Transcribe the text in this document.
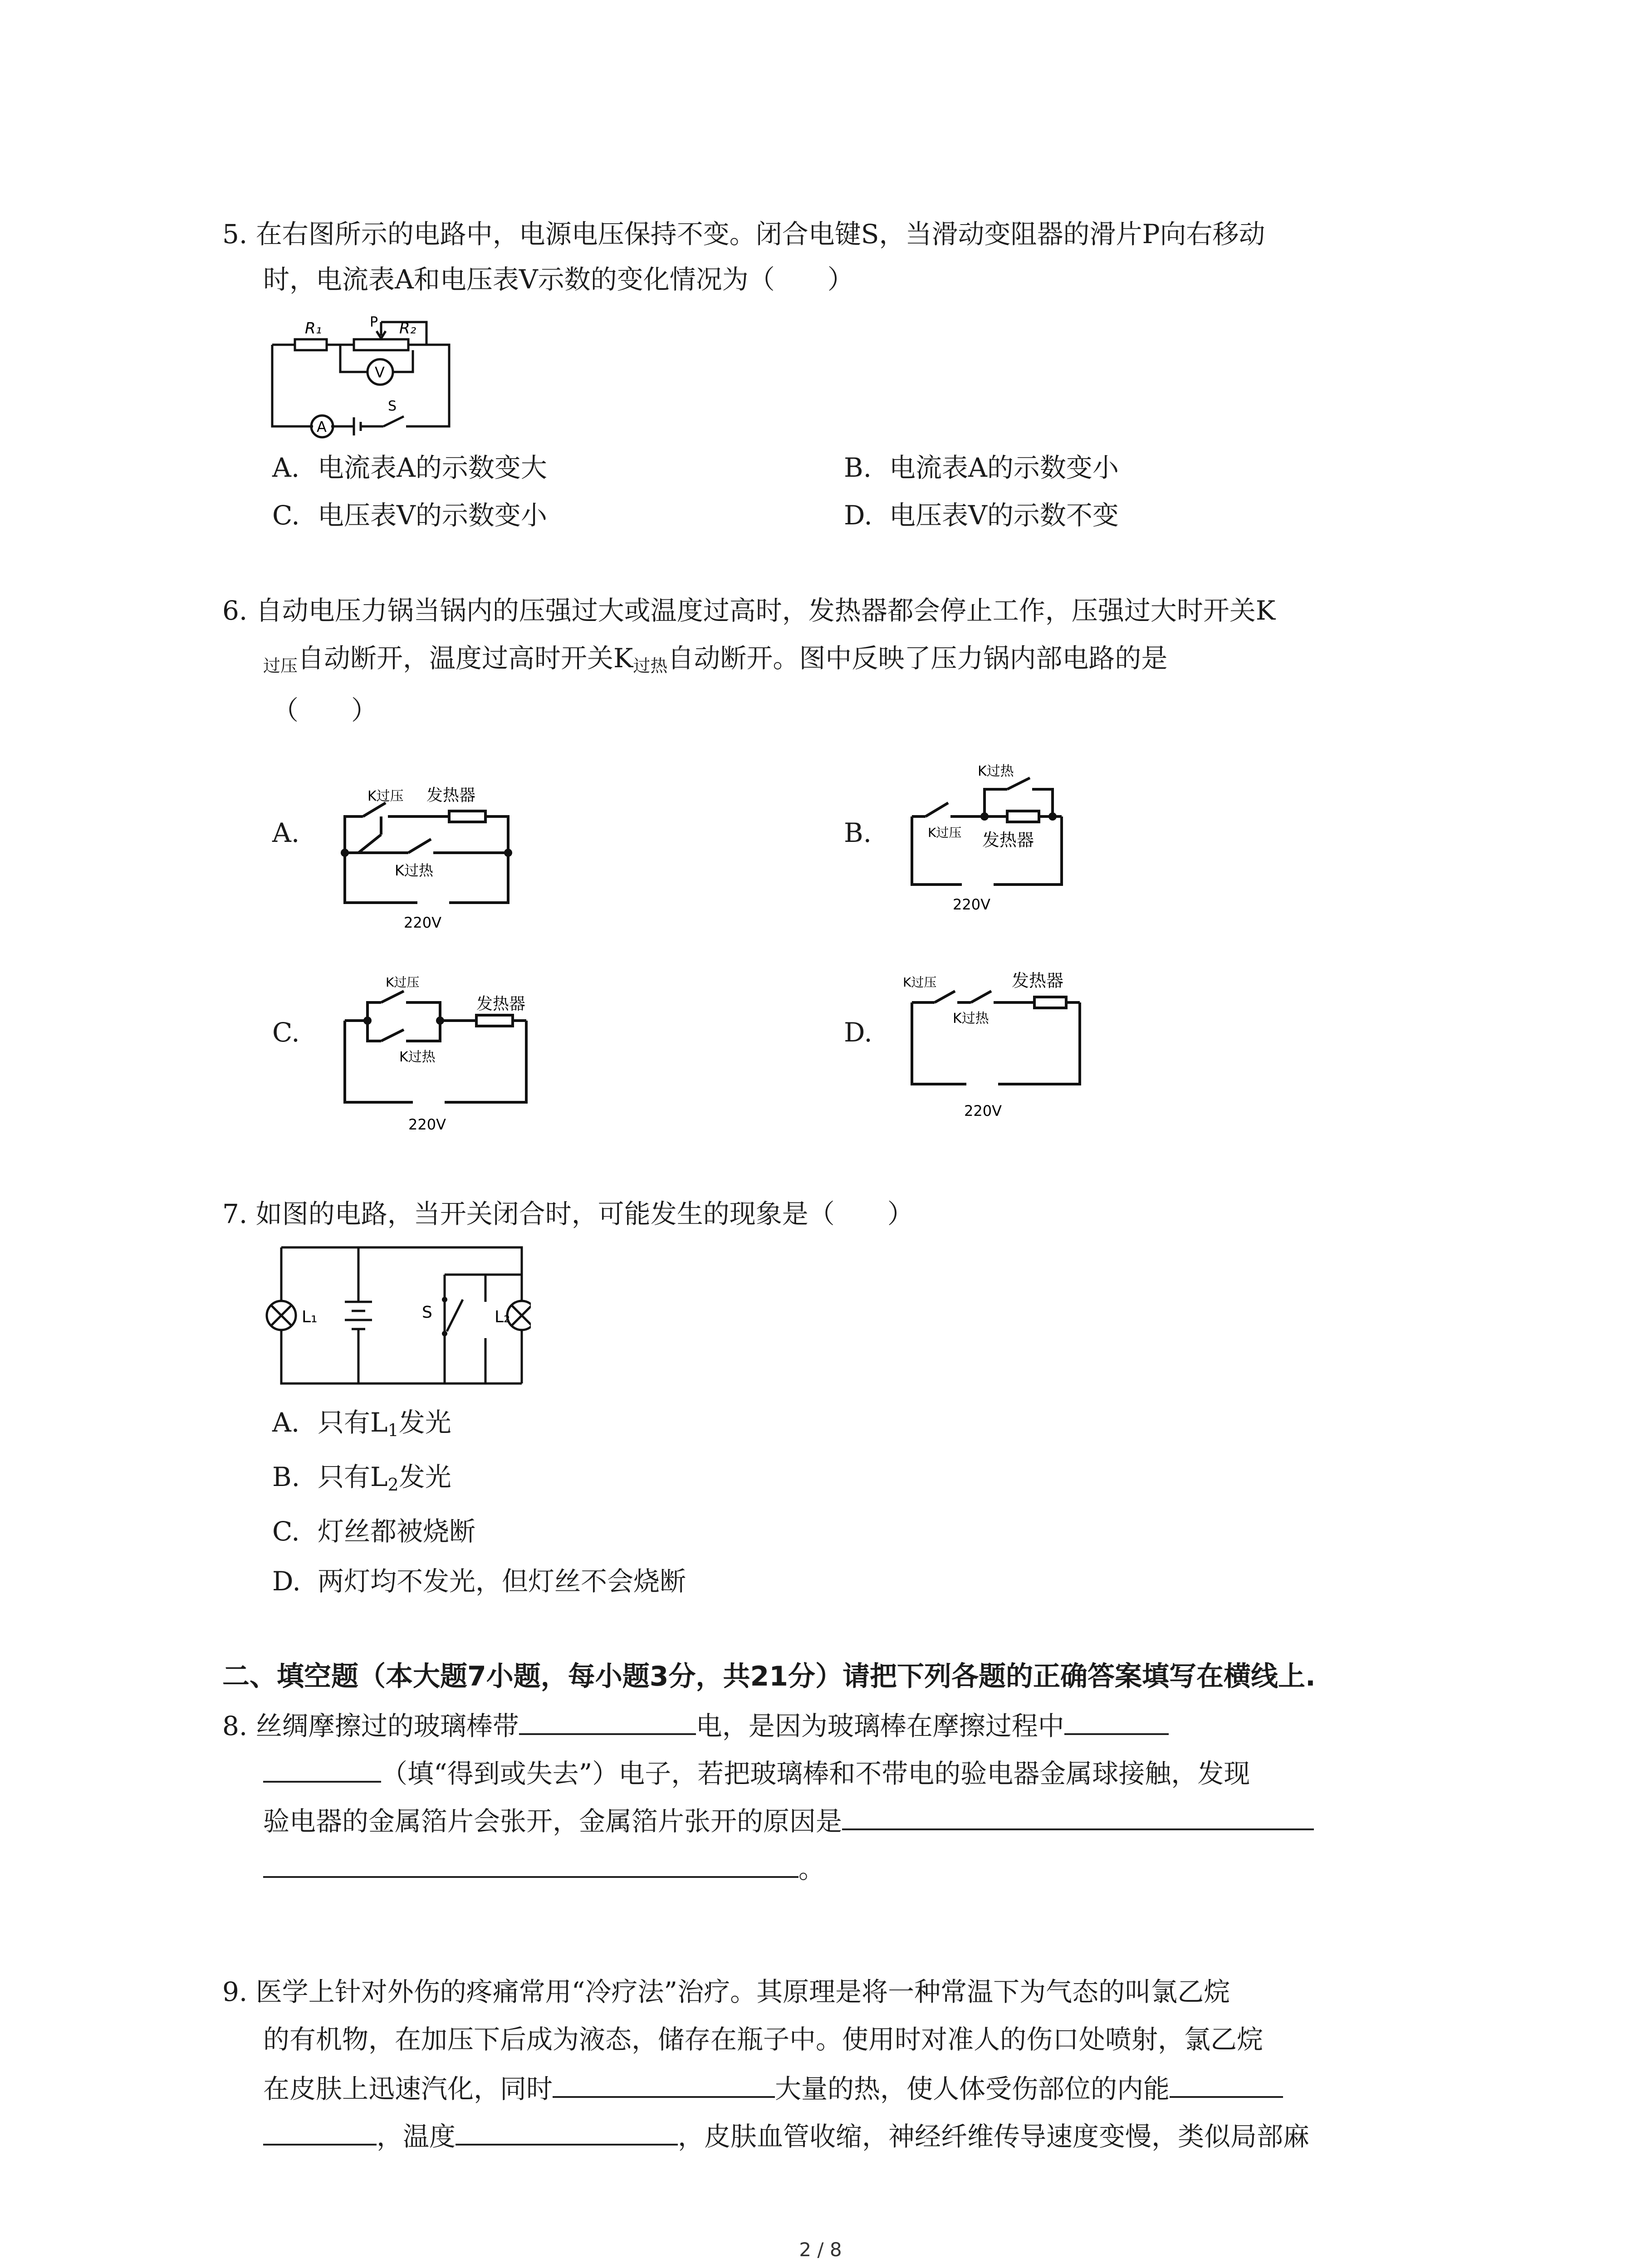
5. 在右图所示的电路中，电源电压保持不变。闭合电键S，当滑动变阻器的滑片P向右移动
时，电流表A和电压表V示数的变化情况为（　　）
R₁	P R₂
V
A
S
A. 电流表A的示数变大	B. 电流表A的示数变小
C. 电压表V的示数变小	D. 电压表V的示数不变
6. 自动电压力锅当锅内的压强过大或温度过高时，发热器都会停止工作，压强过大时开关K
$_{过压}$自动断开，温度过高时开关$K_{过热}$自动断开。图中反映了压力锅内部电路的是
（　　）
A.
K过压 发热器
K过热
220V
B.
K过热
K过压 发热器
220V
C.
K过压
发热器
K过热
220V
D.
K过压	发热器
K过热
220V
7. 如图的电路，当开关闭合时，可能发生的现象是（　　）
L₁	S	L₂
A. 只有$L_1$发光
B. 只有$L_2$发光
C. 灯丝都被烧断
D. 两灯均不发光，但灯丝不会烧断
二、填空题（本大题7小题，每小题3分，共21分）请把下列各题的正确答案填写在横线上.
8. 丝绸摩擦过的玻璃棒带	电，是因为玻璃棒在摩擦过程中
（填“得到或失去”）电子，若把玻璃棒和不带电的验电器金属球接触，发现
验电器的金属箔片会张开，金属箔片张开的原因是
。
9. 医学上针对外伤的疼痛常用“冷疗法”治疗。其原理是将一种常温下为气态的叫氯乙烷
的有机物，在加压下后成为液态，储存在瓶子中。使用时对准人的伤口处喷射，氯乙烷
在皮肤上迅速汽化，同时	大量的热，使人体受伤部位的内能
，温度	，皮肤血管收缩，神经纤维传导速度变慢，类似局部麻
2 / 8
